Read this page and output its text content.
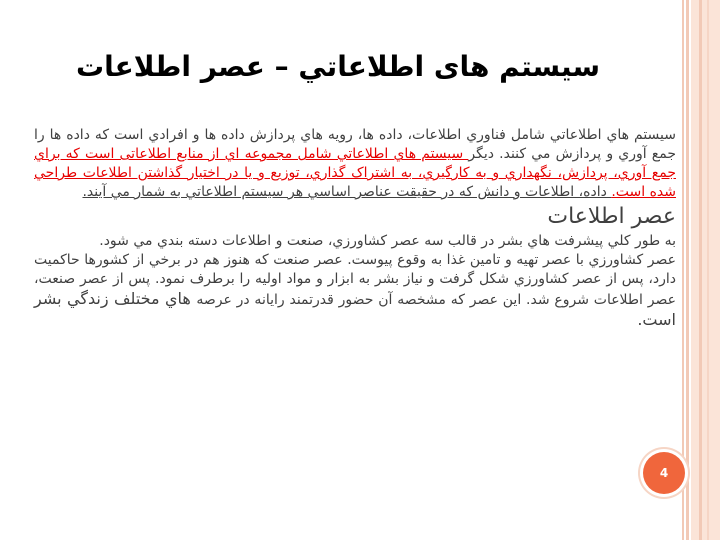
سيستم های اطلاعاتي – عصر اطلاعات

سيستم هاي اطلاعاتي شامل فناوري اطلاعات، داده ها، رويه هاي پردازش داده ها و افرادي است كه داده ها را جمع آوري و پردازش مي كنند. ديگر سيستم هاي اطلاعاتي شامل مجموعه اي از منابع اطلاعاتی است كه براي جمع آوري، پردازش، نگهداري و به كارگيري، به اشتراک گذاري، توزيع و يا در اختيار گذاشتن اطلاعات طراحي شده است. داده، اطلاعات و دانش كه در حقيقت عناصر اساسي هر سيستم اطلاعاتي به شمار مي آيند.

عصر اطلاعات

به طور كلي پيشرفت هاي بشر در قالب سه عصر كشاورزي، صنعت و اطلاعات دسته بندي مي شود.

عصر كشاورزي با عصر تهيه و تامين غذا به وقوع پيوست. عصر صنعت كه هنوز هم در برخي از كشورها حاكميت دارد، پس از عصر كشاورزي شكل گرفت و نياز بشر به ابزار و مواد اوليه را برطرف نمود. پس از عصر صنعت، عصر اطلاعات شروع شد. اين عصر كه مشخصه آن حضور قدرتمند رايانه در عرصه هاي مختلف زندگي بشر است.

4
